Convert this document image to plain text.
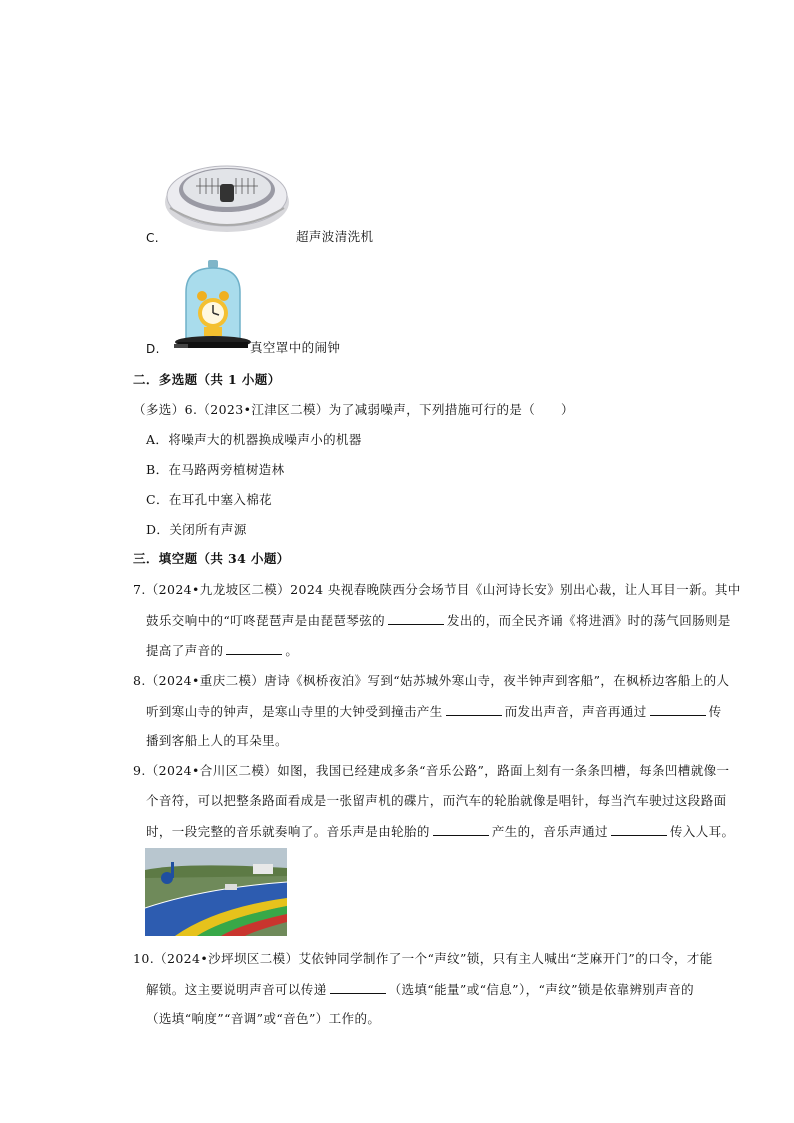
C.	超声波清洗机
D.	真空罩中的闹钟
二．多选题（共 1 小题）
（多选）6.（2023•江津区二模）为了减弱噪声，下列措施可行的是（　　）
A．将噪声大的机器换成噪声小的机器
B．在马路两旁植树造林
C．在耳孔中塞入棉花
D．关闭所有声源
三．填空题（共 34 小题）
7.（2024•九龙坡区二模）2024 央视春晚陕西分会场节目《山河诗长安》别出心裁，让人耳目一新。其中
鼓乐交响中的“叮咚琵琶声是由琵琶琴弦的	发出的，而全民齐诵《将进酒》时的荡气回肠则是
提高了声音的	。
8.（2024•重庆二模）唐诗《枫桥夜泊》写到“姑苏城外寒山寺，夜半钟声到客船”，在枫桥边客船上的人
听到寒山寺的钟声，是寒山寺里的大钟受到撞击产生	而发出声音，声音再通过	传
播到客船上人的耳朵里。
9.（2024•合川区二模）如图，我国已经建成多条“音乐公路”，路面上刻有一条条凹槽，每条凹槽就像一
个音符，可以把整条路面看成是一张留声机的碟片，而汽车的轮胎就像是唱针，每当汽车驶过这段路面
时，一段完整的音乐就奏响了。音乐声是由轮胎的	产生的，音乐声通过	传入人耳。
10.（2024•沙坪坝区二模）艾依钟同学制作了一个“声纹”锁，只有主人喊出“芝麻开门”的口令，才能
解锁。这主要说明声音可以传递	（选填“能量”或“信息”），“声纹”锁是依靠辨别声音的
（选填“响度”“音调”或“音色”）工作的。
